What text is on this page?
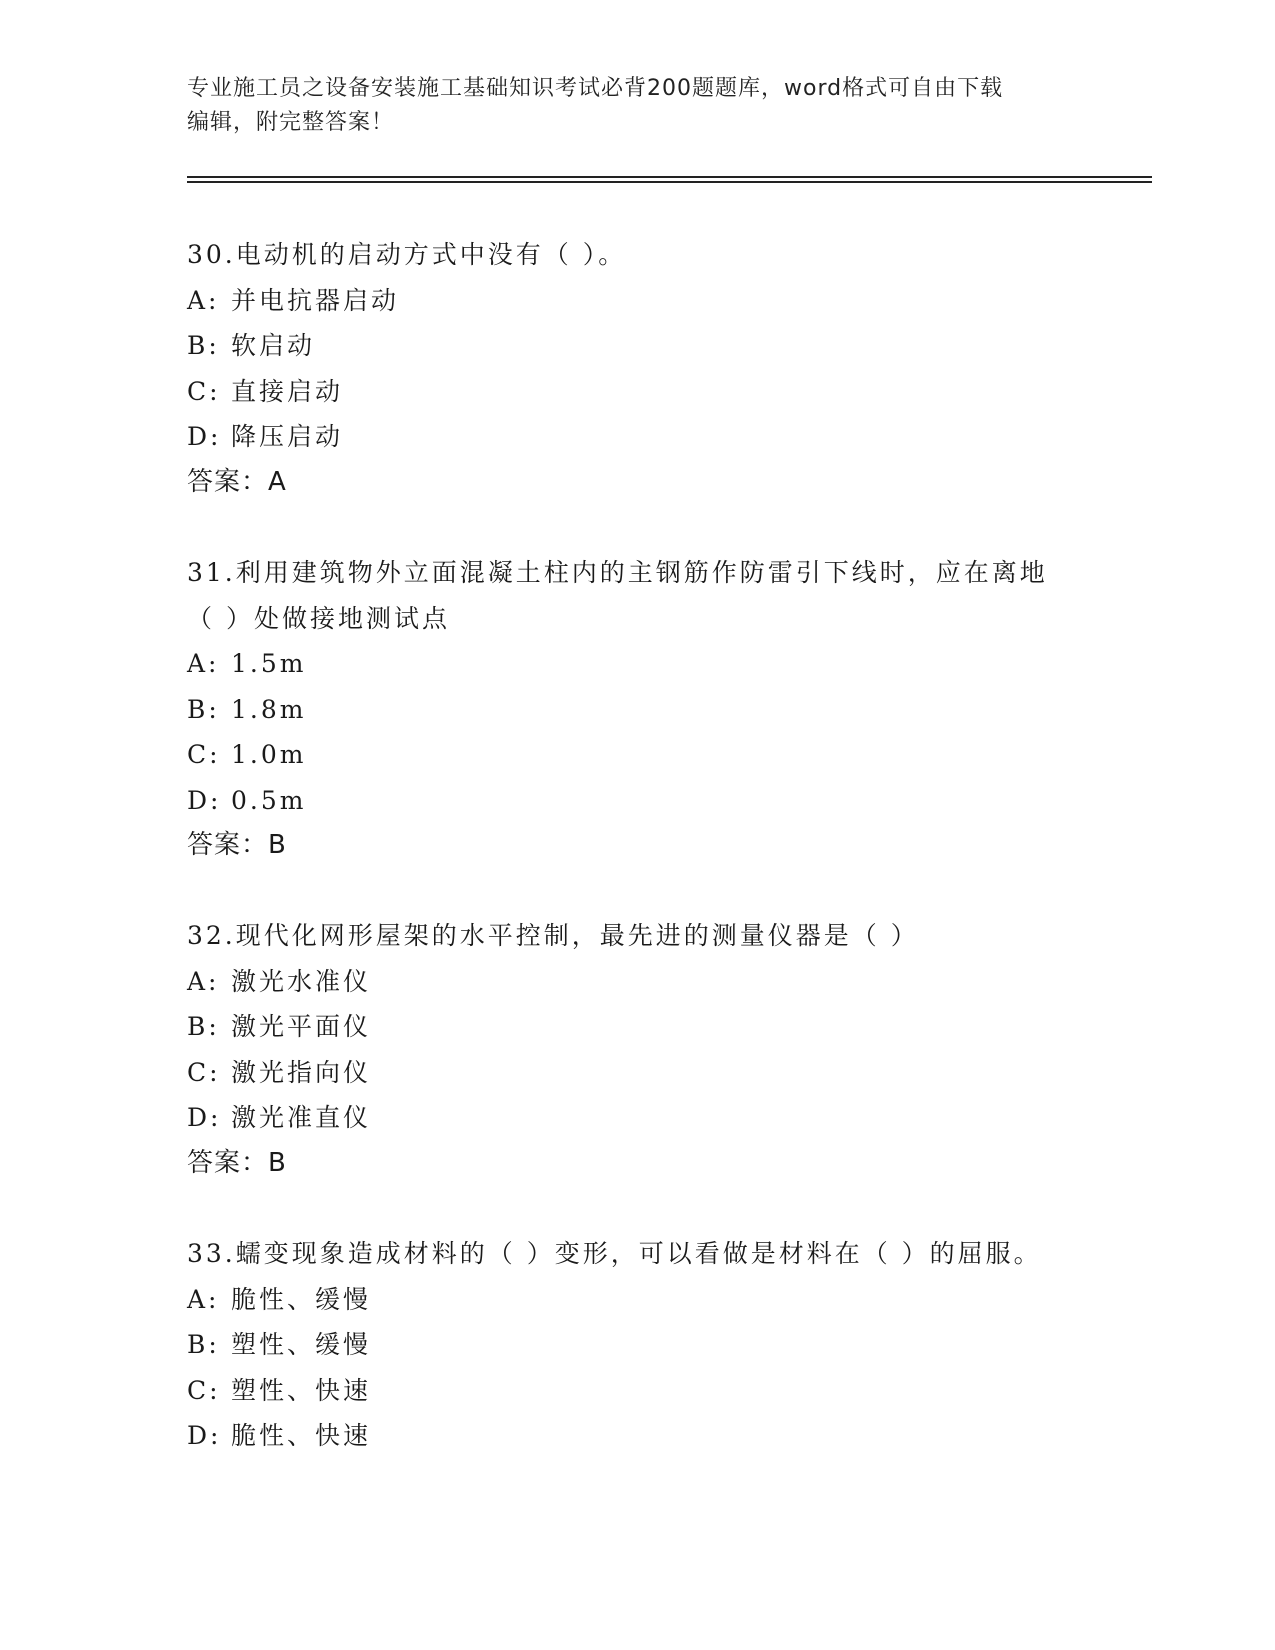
专业施工员之设备安装施工基础知识考试必背200题题库，word格式可自由下载
编辑，附完整答案！
30.电动机的启动方式中没有（ ）。
A: 并电抗器启动
B: 软启动
C: 直接启动
D: 降压启动
答案：A
31.利用建筑物外立面混凝土柱内的主钢筋作防雷引下线时，应在离地
（ ）处做接地测试点
A: 1.5m
B: 1.8m
C: 1.0m
D: 0.5m
答案：B
32.现代化网形屋架的水平控制，最先进的测量仪器是（ ）
A: 激光水准仪
B: 激光平面仪
C: 激光指向仪
D: 激光准直仪
答案：B
33.蠕变现象造成材料的（ ）变形，可以看做是材料在（ ）的屈服。
A: 脆性、缓慢
B: 塑性、缓慢
C: 塑性、快速
D: 脆性、快速
